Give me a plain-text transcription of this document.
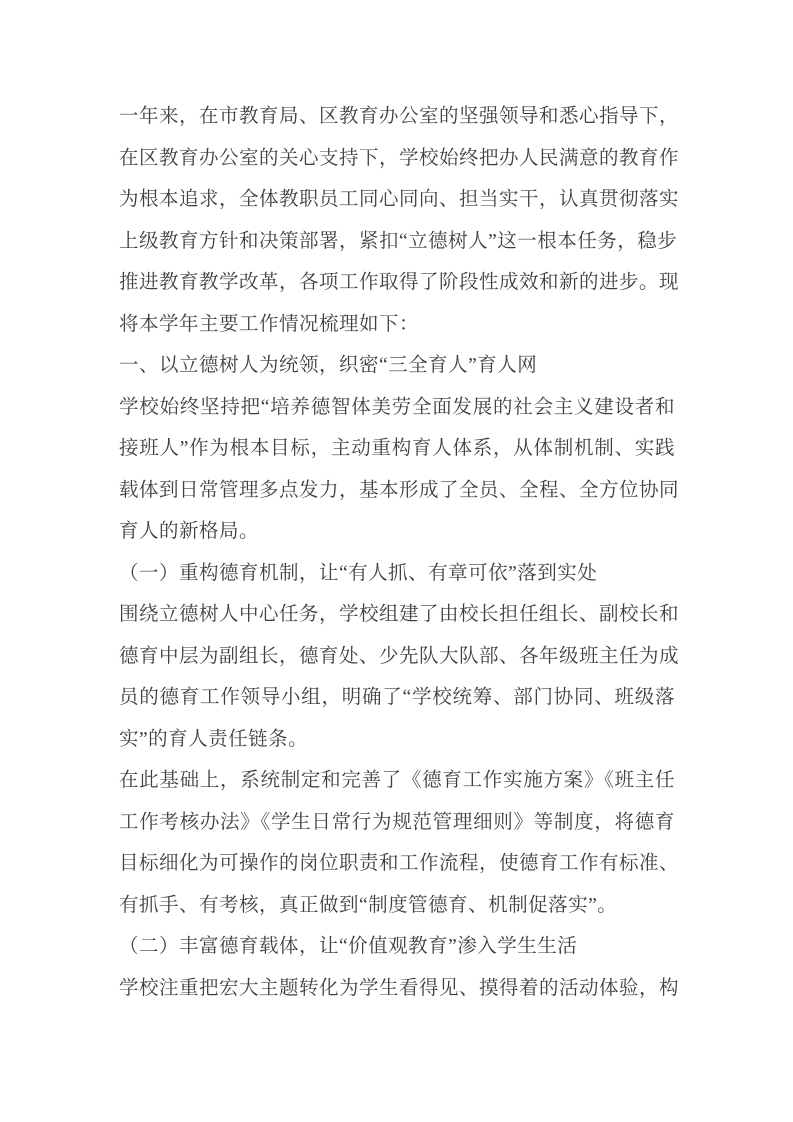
一年来，在市教育局、区教育办公室的坚强领导和悉心指导下，
在区教育办公室的关心支持下，学校始终把办人民满意的教育作
为根本追求，全体教职员工同心同向、担当实干，认真贯彻落实
上级教育方针和决策部署，紧扣“立德树人”这一根本任务，稳步
推进教育教学改革，各项工作取得了阶段性成效和新的进步。现
将本学年主要工作情况梳理如下：
一、以立德树人为统领，织密“三全育人”育人网
学校始终坚持把“培养德智体美劳全面发展的社会主义建设者和
接班人”作为根本目标，主动重构育人体系，从体制机制、实践
载体到日常管理多点发力，基本形成了全员、全程、全方位协同
育人的新格局。
（一）重构德育机制，让“有人抓、有章可依”落到实处
围绕立德树人中心任务，学校组建了由校长担任组长、副校长和
德育中层为副组长，德育处、少先队大队部、各年级班主任为成
员的德育工作领导小组，明确了“学校统筹、部门协同、班级落
实”的育人责任链条。
在此基础上，系统制定和完善了《德育工作实施方案》《班主任
工作考核办法》《学生日常行为规范管理细则》等制度，将德育
目标细化为可操作的岗位职责和工作流程，使德育工作有标准、
有抓手、有考核，真正做到“制度管德育、机制促落实”。
（二）丰富德育载体，让“价值观教育”渗入学生生活
学校注重把宏大主题转化为学生看得见、摸得着的活动体验，构
